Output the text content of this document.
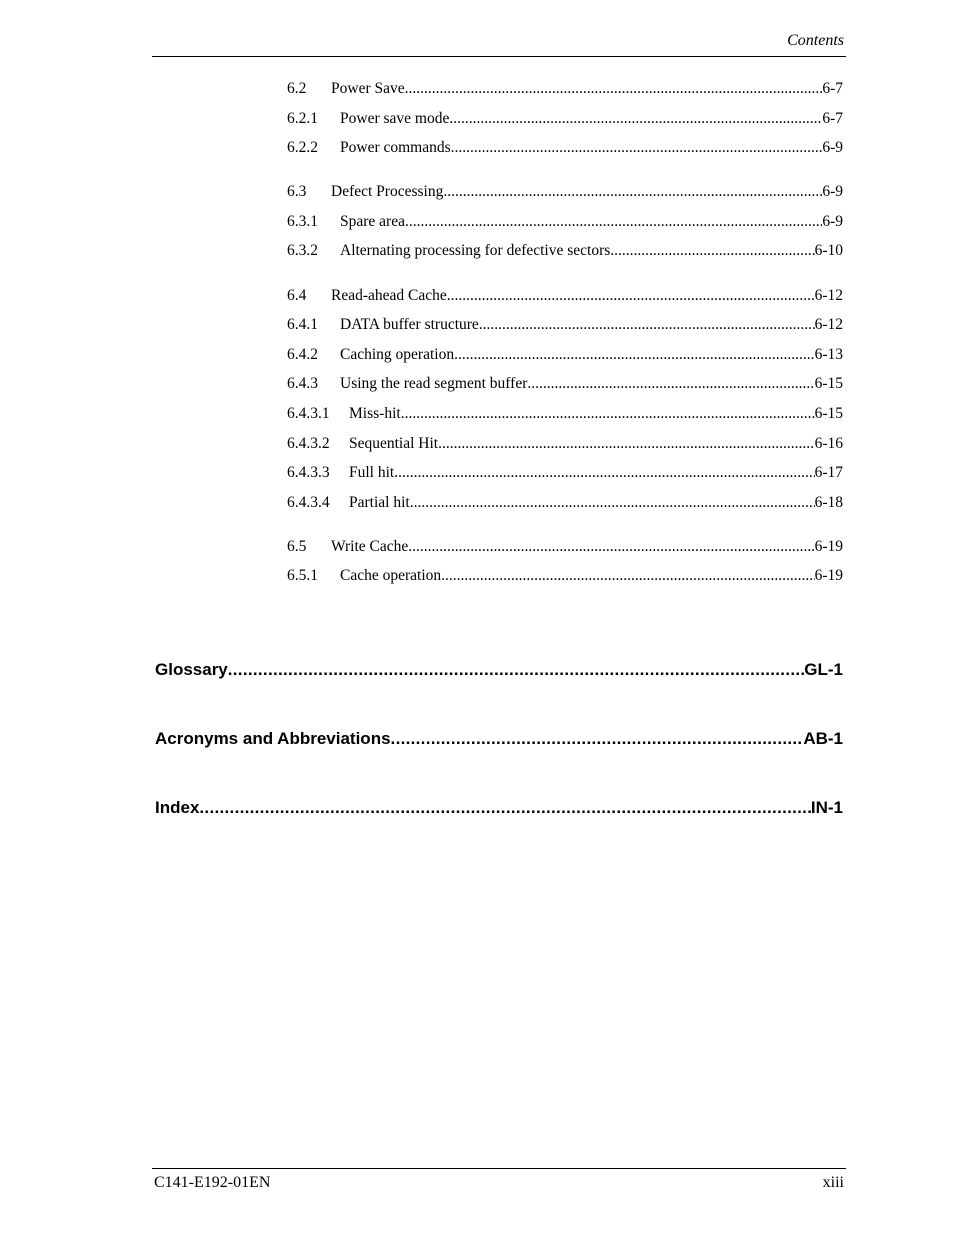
Contents
6.2	Power Save .....	6-7
6.2.1	Power save mode .....	6-7
6.2.2	Power commands .....	6-9
6.3	Defect Processing .....	6-9
6.3.1	Spare area .....	6-9
6.3.2	Alternating processing for defective sectors .....	6-10
6.4	Read-ahead Cache .....	6-12
6.4.1	DATA buffer structure .....	6-12
6.4.2	Caching operation .....	6-13
6.4.3	Using the read segment buffer .....	6-15
6.4.3.1	Miss-hit .....	6-15
6.4.3.2	Sequential Hit .....	6-16
6.4.3.3	Full hit .....	6-17
6.4.3.4	Partial hit .....	6-18
6.5	Write Cache .....	6-19
6.5.1	Cache operation .....	6-19
Glossary .....	GL-1
Acronyms and Abbreviations .....	AB-1
Index .....	IN-1
C141-E192-01EN	xiii
